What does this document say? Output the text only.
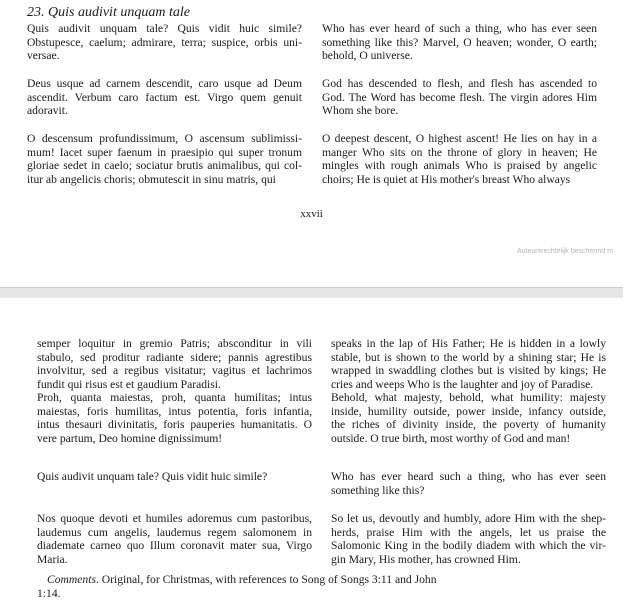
23. Quis audivit unquam tale
xxvii
Auteursrechtelijk beschermd m
Quis audivit unquam tale? Quis vidit huic simile?
Obstupesce, caelum; admirare, terra; suspice, orbis uni-
versae.
Deus usque ad carnem descendit, caro usque ad Deum
ascendit. Verbum caro factum est. Virgo quem genuit
adoravit.
O descensum profundissimum, O ascensum sublimissi-
mum! Iacet super faenum in praesipio qui super tronum
gloriae sedet in caelo; sociatur brutis animalibus, qui col-
itur ab angelicis choris; obmutescit in sinu matris, qui
Who has ever heard of such a thing, who has ever seen
something like this? Marvel, O heaven; wonder, O earth;
behold, O universe.
God has descended to flesh, and flesh has ascended to
God. The Word has become flesh. The virgin adores Him
Whom she bore.
O deepest descent, O highest ascent! He lies on hay in a
manger Who sits on the throne of glory in heaven; He
mingles with rough animals Who is praised by angelic
choirs; He is quiet at His mother's breast Who always
semper loquitur in gremio Patris; absconditur in vili
stabulo, sed proditur radiante sidere; pannis agrestibus
involvitur, sed a regibus visitatur; vagitus et lachrimos
fundit qui risus est et gaudium Paradisi.
Proh, quanta maiestas, proh, quanta humilitas; intus
maiestas, foris humilitas, intus potentia, foris infantia,
intus thesauri divinitatis, foris pauperies humanitatis. O
vere partum, Deo homine dignissimum!
Quis audivit unquam tale? Quis vidit huic simile?
Nos quoque devoti et humiles adoremus cum pastoribus,
laudemus cum angelis, laudemus regem salomonem in
diademate carneo quo Illum coronavit mater sua, Virgo
Maria.
speaks in the lap of His Father; He is hidden in a lowly
stable, but is shown to the world by a shining star; He is
wrapped in swaddling clothes but is visited by kings; He
cries and weeps Who is the laughter and joy of Paradise.
Behold, what majesty, behold, what humility: majesty
inside, humility outside, power inside, infancy outside,
the riches of divinity inside, the poverty of humanity
outside. O true birth, most worthy of God and man!
Who has ever heard such a thing, who has ever seen
something like this?
So let us, devoutly and humbly, adore Him with the shep-
herds, praise Him with the angels, let us praise the
Salomonic King in the bodily diadem with which the vir-
gin Mary, His mother, has crowned Him.
Comments. Original, for Christmas, with references to Song of Songs 3:11 and John
1:14.
